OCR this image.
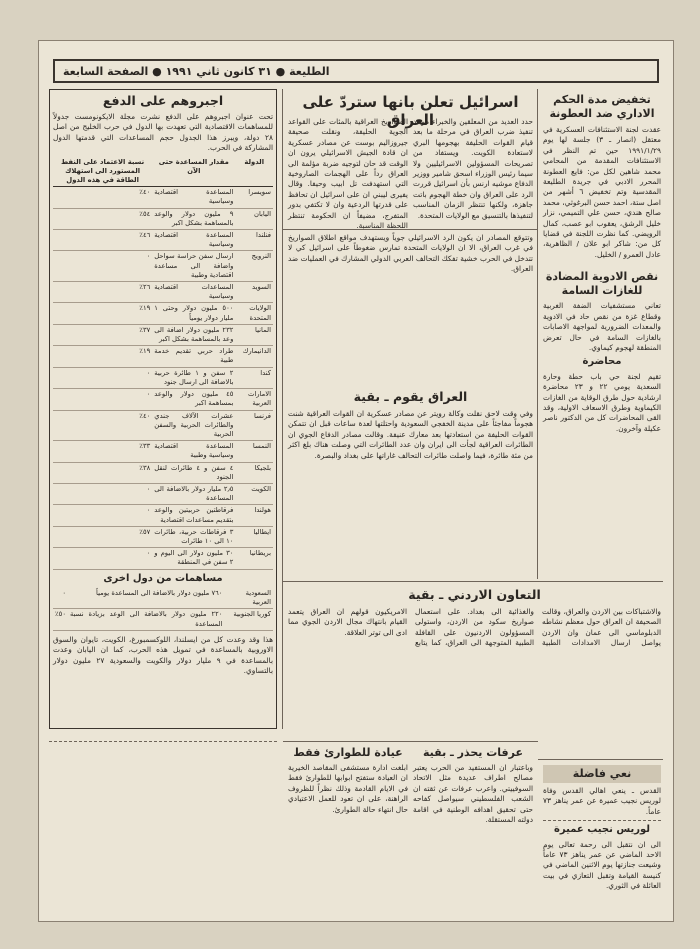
الطليعة ● ٣١ كانون ثاني ١٩٩١ ● الصفحة السابعة
تخفيض مدة الحكم الاداري ضد العطونة

عقدت لجنة الاستئنافات العسكرية في معتقل (انصار ـ ٣) جلسة لها يوم ١٩٩١/١/٢٩ حين تم النظر في الاستئنافات المقدمة من المحامي محمد شاهين لكل من: فايع العطونة المحرر الادبي في جريدة الطليعة المقدسية وتم تخفيض ٦ أشهر من اصل ستة، احمد حسن البرغوثي، محمد صالح هندي، حسن علي التميمي، نزار خليل الرشق، يعقوب ابو عصب، كمال الرويضي. كما نظرت اللجنة في قضايا كل من: شاكر ابو علان / الظاهرية، عادل العمرو / الخليل.

نقص الادوية المضادة للغازات السامة

تعاني مستشفيات الضفة الغربية وقطاع غزة من نقص حاد في الادوية والمعدات الضرورية لمواجهة الاصابات بالغازات السامة في حال تعرض المنطقة لهجوم كيماوي.

محاضرة

تقيم لجنة حي باب حطة وحارة السعدية يومي ٢٢ و ٢٣ محاضرة ارشادية حول طرق الوقاية من الغازات الكيماوية وطرق الاسعاف الاولية، وقد القى المحاضرات كل من الدكتور ناصر عكيلة وآخرون.

اسرائيل تعلن بانها ستردّ على العراق

حدد العديد من المعلقين والخبراء موعد تنفيذ ضرب العراق في مرحلة ما بعد قيام القوات الحليفة بهجومها البري لاستعادة الكويت. ويستفاد من تصريحات المسؤولين الاسرائيليين ولا سيما رئيس الوزراء اسحق شامير ووزير الدفاع موشيه ارنس بأن اسرائيل قررت الرد على العراق وان خطة الهجوم باتت جاهزة، ولكنها تنتظر الزمان المناسب لتنفيذها بالتنسيق مع الولايات المتحدة.

الصواريخ العراقية بالمئات على القواعد الجوية الحليفة، ونقلت صحيفة جيروزاليم بوست عن مصادر عسكرية ان قادة الجيش الاسرائيلي يرون ان الوقت قد حان لتوجيه ضربة مؤلمة الى العراق رداً على الهجمات الصاروخية التي استهدفت تل ابيب وحيفا. وقال يفيرى ليبني ان على اسرائيل ان تحافظ على قدرتها الردعية وان لا تكتفي بدور المتفرج، مضيفاً ان الحكومة تنتظر اللحظة المناسبة.

وتتوقع المصادر ان يكون الرد الاسرائيلي جوياً ويستهدف مواقع اطلاق الصواريخ في غرب العراق، الا ان الولايات المتحدة تمارس ضغوطاً على اسرائيل كي لا تتدخل في الحرب خشية تفكك التحالف العربي الدولي المشارك في العمليات ضد العراق.

العراق يقوم ـ بقية

وفي وقت لاحق نقلت وكالة رويتر عن مصادر عسكرية ان القوات العراقية شنت هجوماً مفاجئاً على مدينة الخفجي السعودية واحتلتها لعدة ساعات قبل ان تتمكن القوات الحليفة من استعادتها بعد معارك عنيفة. وقالت مصادر الدفاع الجوي ان الطائرات العراقية لجأت الى ايران وان عدد الطائرات التي وصلت هناك بلغ اكثر من مئة طائرة، فيما واصلت طائرات التحالف غاراتها على بغداد والبصرة.

التعاون الاردني ـ بقية

والاشتباكات بين الاردن والعراق، وقالت الصحيفة ان العراق حول معظم نشاطه الدبلوماسي الى عمان وان الاردن يواصل ارسال الامدادات الطبية والغذائية الى بغداد. على استعمال صواريخ سكود من الاردن، واستولى المسؤولون الاردنيون على القافلة الطبية المتوجهة الى العراق، كما يتابع الامريكيون قولهم ان العراق يتعمد القيام بانتهاك مجال الاردن الجوي مما ادى الى توتر العلاقة.

اجبروهم على الدفع

تحت عنوان اجبروهم على الدفع نشرت مجلة الايكونومست جدولاً للمساهمات الاقتصادية التي تعهدت بها الدول في حرب الخليج من اصل ٢٨ دولة، ويبرز هذا الجدول حجم المساعدات التي قدمتها الدول المشاركة في الحرب.

الدولة	مقدار المساعدة حتى الآن	نسبة الاعتماد على النفط المستورد الى استهلاك الطاقة في هذه الدول
سويسرا	المساعدة اقتصادية وسياسية	٤٠٪
اليابان	٩ مليون دولار والوعد بالمساهمة بشكل اكبر	٥٤٪
فنلندا	المساعدة اقتصادية وسياسية	٤٦٪
النرويج	ارسال سفن حراسة سواحل واضافة الى مساعدة اقتصادية وطبية	٠
السويد	المساعدات اقتصادية وسياسية	٢٦٪
الولايات المتحدة	٥٠٠ مليون دولار وحتى ١ مليار دولار يومياً	١٩٪
المانيا	٢٣٢ مليون دولار اضافة الى وعد بالمساهمة بشكل اكبر	٣٧٪
الدانيمارك	طراد حربي تقديم خدمة طبية	١٩٪
كندا	٢ سفن و ١ طائرة حربية بالاضافة الى ارسال جنود	٠
الامارات العربية	٤٥ مليون دولار والوعد بمساهمة اكبر	٠
فرنسا	عشرات الآلاف جندي والطائرات الحربية والسفن الحربية	٤٠٪
النمسا	المساعدة اقتصادية وسياسية وطبية	٣٣٪
بلجيكا	٤ سفن و ٤ طائرات لنقل الجنود	٣٨٪
الكويت	٢٫٥ مليار دولار بالاضافة الى المساعدة	٠
هولندا	فرقاطتين حربيتين والوعد بتقديم مساعدات اقتصادية	٠
ايطاليا	٣ فرقاطات حربية، طائرات ١٠ الى ١٠ طائرات	٥٧٪
بريطانيا	٣٠ مليون دولار الى اليوم و ٢ سفن في المنطقة	٠
مساهمات من دول اخرى
السعودية العربية	٧٦٠ مليون دولار بالاضافة الى المساعدة يومياً	٠
كوريا الجنوبية	٢٢٠ مليون دولار بالاضافة الى الوعد بزيادة نسبة المساعدة	٥٠٪

هذا وقد وعدت كل من ايسلندا، اللوكسمبورغ، الكويت، تايوان والسوق الاوروبية بالمساعدة في تمويل هذه الحرب، كما ان اليابان وعدت بالمساعدة في ٩ مليار دولار والكويت والسعودية ٢٧ مليون دولار بالتساوي.

عرفات يحذر ـ بقية

وباعتبار ان المستفيد من الحرب يعتبر مصالح اطراف عديدة مثل الاتحاد السوفييتي. واعرب عرفات عن ثقته ان الشعب الفلسطيني سيواصل كفاحه حتى تحقيق اهدافه الوطنية في اقامة دولته المستقلة.

عيادة للطوارئ فقط

ابلغت ادارة مستشفى المقاصد الخيرية ان العيادة ستفتح ابوابها للطوارئ فقط في الايام القادمة وذلك نظراً للظروف الراهنة، على ان تعود للعمل الاعتيادي حال انتهاء حالة الطوارئ.

نعي فاضلة

القدس ـ ينعي اهالي القدس وفاة لوريس نجيب عميرة عن عمر يناهز ٧٣ عاماً.

لوريس نجيب عميرة

الى ان نتقبل الى رحمة تعالى يوم الاحد الماضي عن عمر يناهز ٧٣ عاماً وشيعت جنازتها يوم الاثنين الماضي في كنيسة القيامة وتقبل التعازي في بيت العائلة في الثوري.
